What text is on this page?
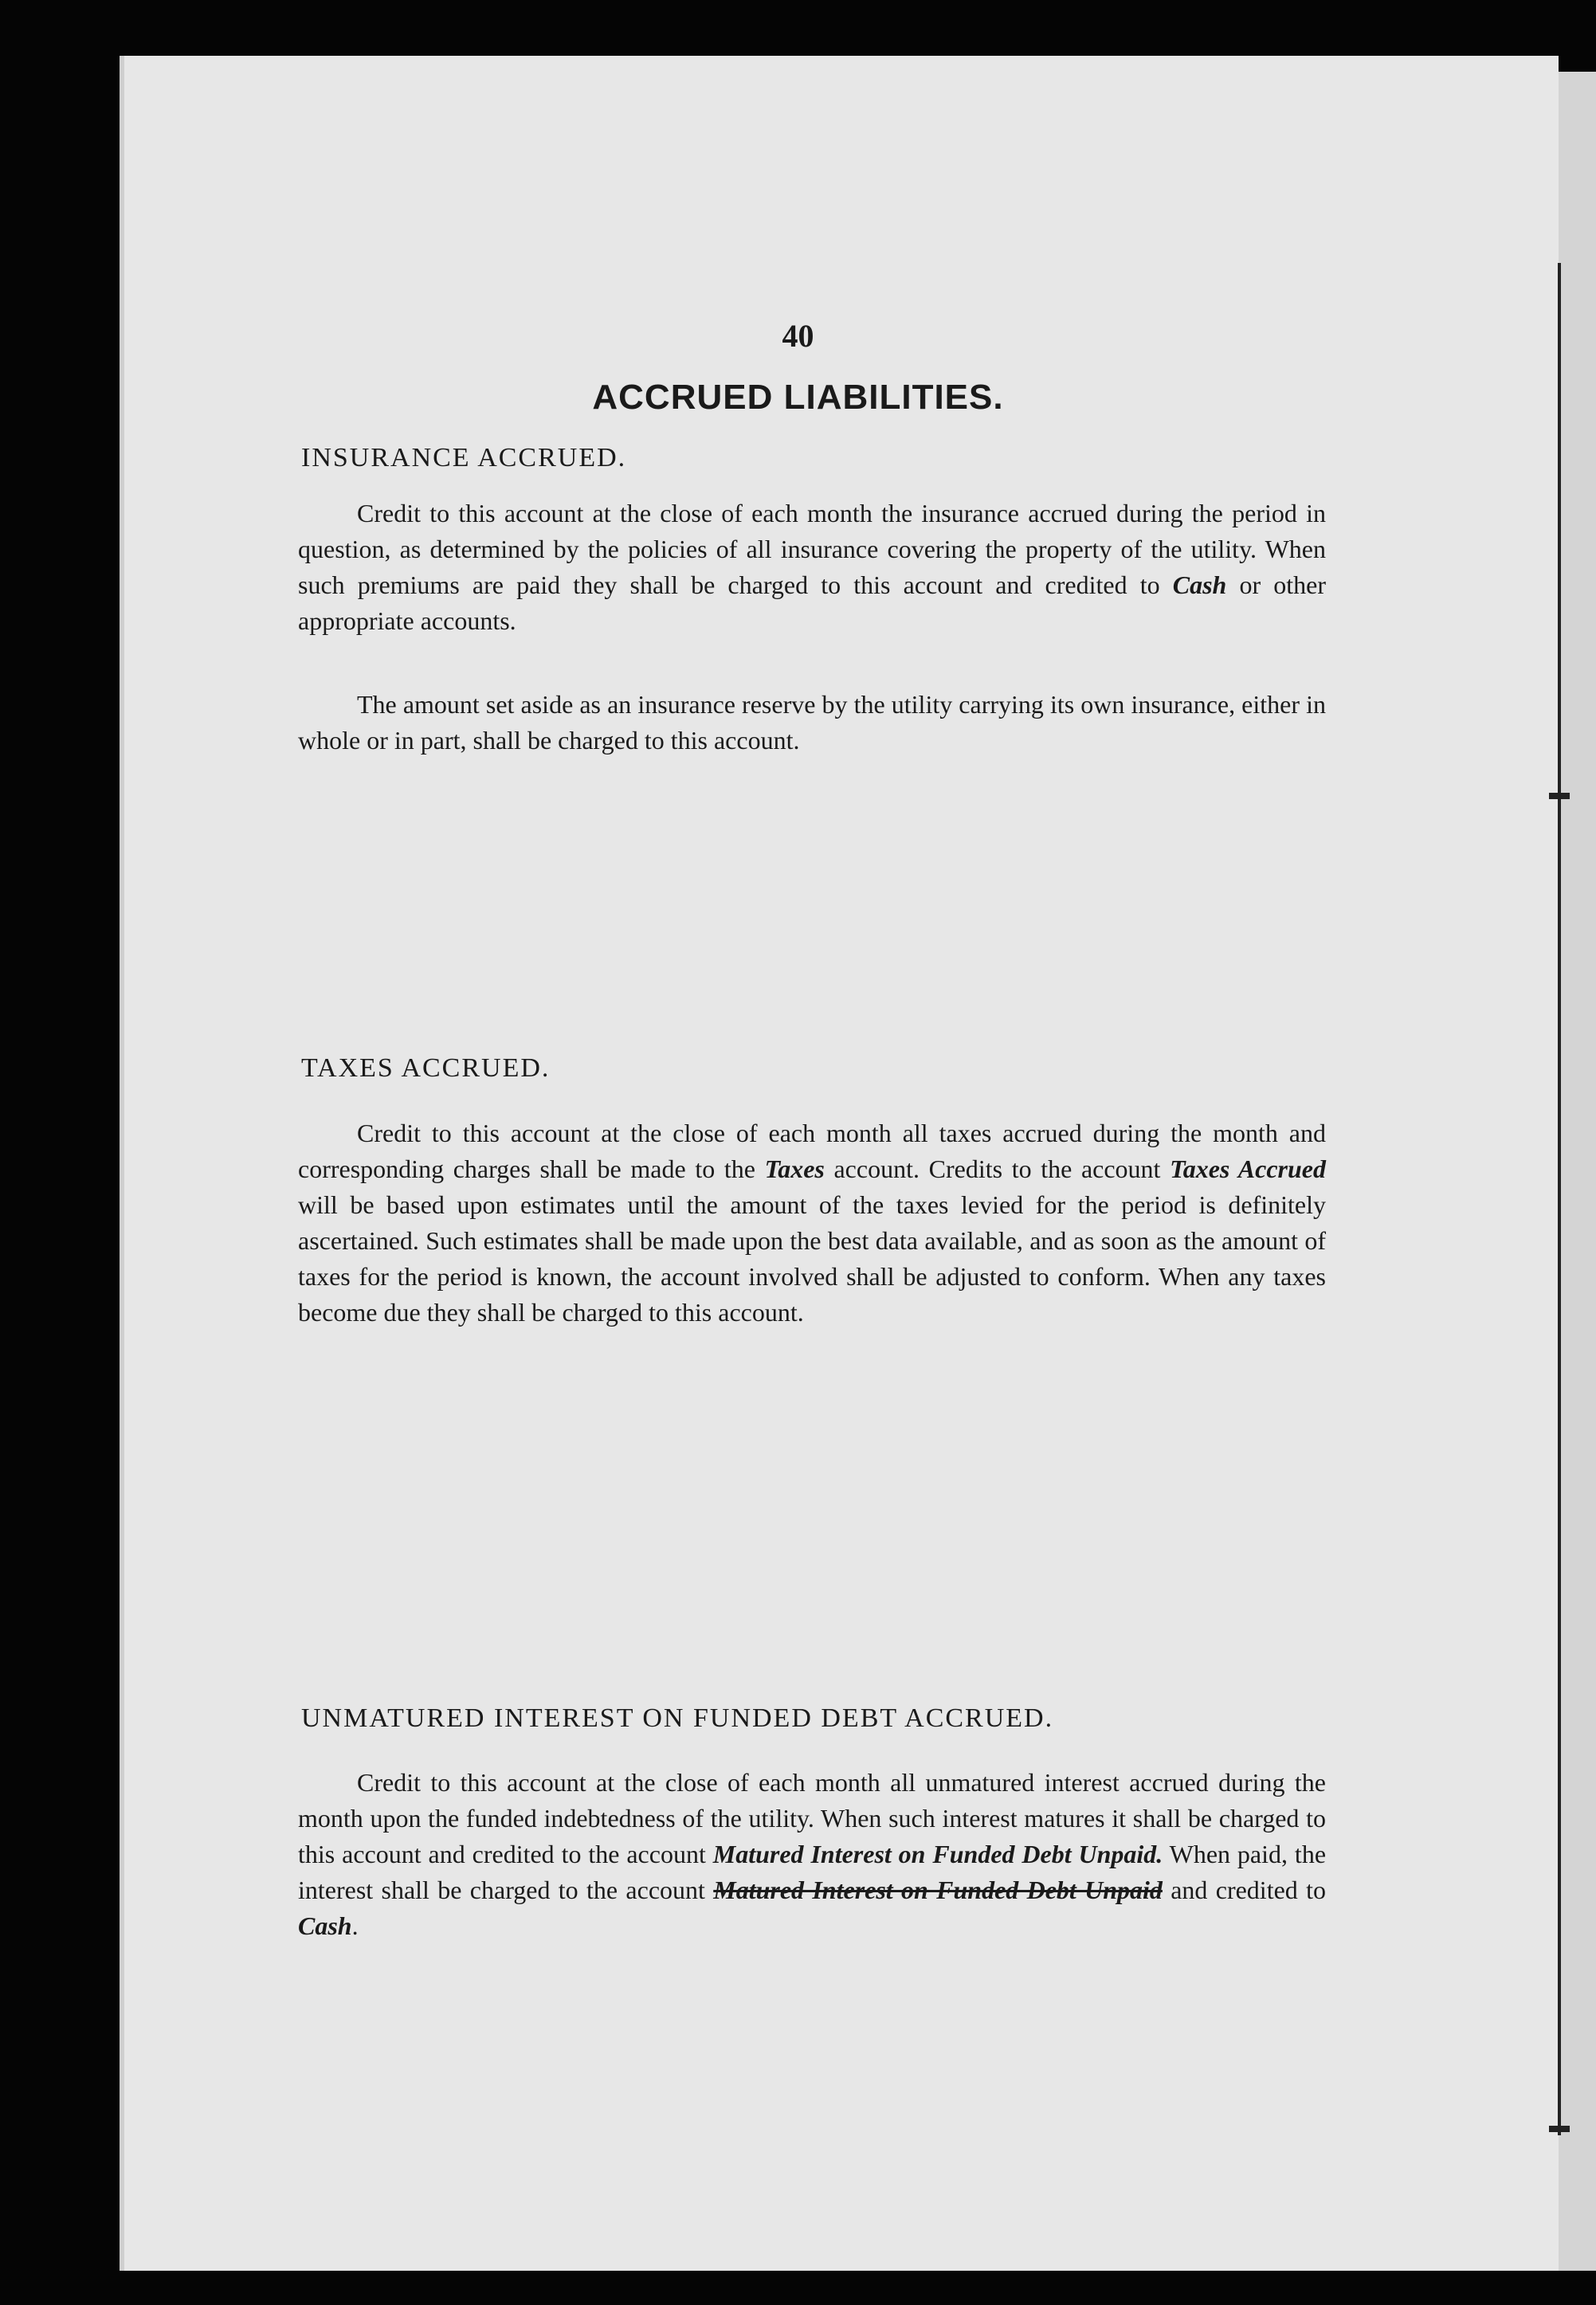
40
ACCRUED LIABILITIES.
INSURANCE ACCRUED.

Credit to this account at the close of each month the insurance accrued during the period in question, as determined by the policies of all insurance covering the property of the utility. When such premiums are paid they shall be charged to this account and credited to Cash or other appropriate accounts.

The amount set aside as an insurance reserve by the utility carrying its own insurance, either in whole or in part, shall be charged to this account.

TAXES ACCRUED.

Credit to this account at the close of each month all taxes accrued during the month and corresponding charges shall be made to the Taxes account. Credits to the account Taxes Accrued will be based upon estimates until the amount of the taxes levied for the period is definitely ascertained. Such estimates shall be made upon the best data available, and as soon as the amount of taxes for the period is known, the account involved shall be adjusted to conform. When any taxes become due they shall be charged to this account.

UNMATURED INTEREST ON FUNDED DEBT ACCRUED.

Credit to this account at the close of each month all unmatured interest accrued during the month upon the funded indebtedness of the utility. When such interest matures it shall be charged to this account and credited to the account Matured Interest on Funded Debt Unpaid. When paid, the interest shall be charged to the account Matured Interest on Funded Debt Unpaid and credited to Cash.
